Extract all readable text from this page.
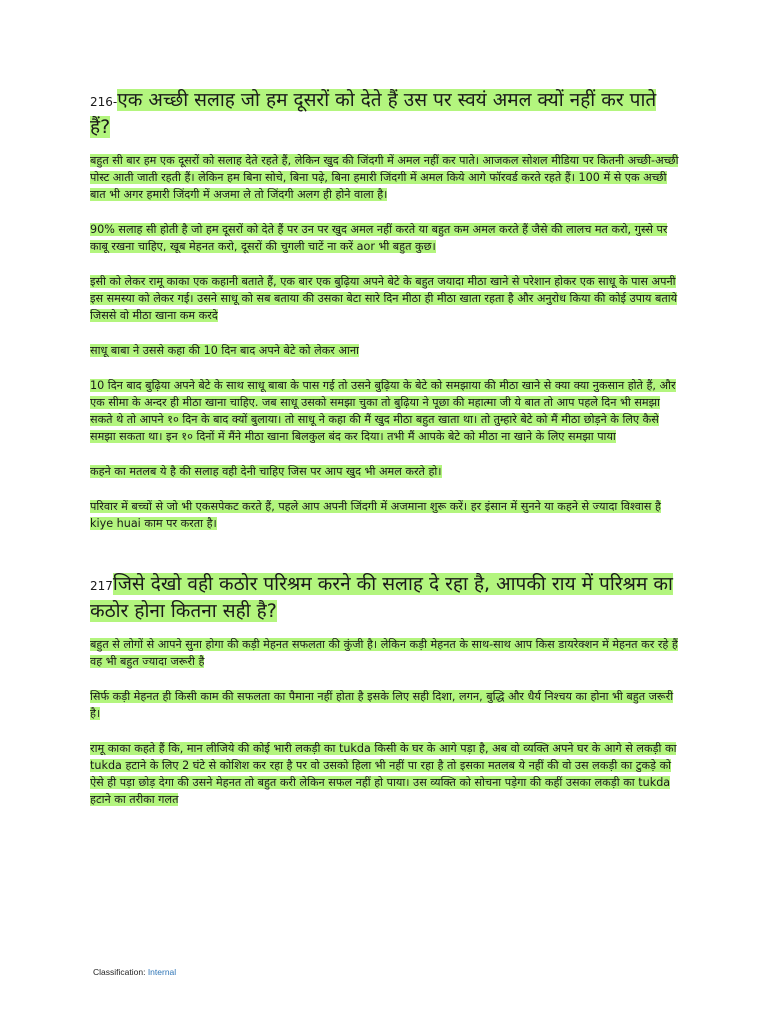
216-एक अच्छी सलाह जो हम दूसरों को देते हैं उस पर स्वयं अमल क्यों नहीं कर पाते हैं?

बहुत सी बार हम एक दूसरों को सलाह देते रहते हैं, लेकिन खुद की जिंदगी में अमल नहीं कर पाते। आजकल सोशल मीडिया पर कितनी अच्छी-अच्छी पोस्ट आती जाती रहती हैं। लेकिन हम बिना सोचे, बिना पढ़े, बिना हमारी जिंदगी में अमल किये आगे फॉरवर्ड करते रहते हैं। 100 में से एक अच्छी बात भी अगर हमारी जिंदगी में अजमा ले तो जिंदगी अलग ही होने वाला है।

90% सलाह सी होती है जो हम दूसरों को देते हैं पर उन पर खुद अमल नहीं करते या बहुत कम अमल करते हैं जैसे की लालच मत करो, गुस्से पर काबू रखना चाहिए, खूब मेहनत करो, दूसरों की चुगली चाटें ना करें aor भी बहुत कुछ।

इसी को लेकर रामू काका एक कहानी बताते हैं, एक बार एक बुढ़िया अपने बेटे के बहुत जयादा मीठा खाने से परेशान होकर एक साधू के पास अपनी इस समस्या को लेकर गई। उसने साधू को सब बताया की उसका बेटा सारे दिन मीठा ही मीठा खाता रहता है और अनुरोध किया की कोई उपाय बताये जिससे वो मीठा खाना कम करदे

साधू बाबा ने उससे कहा की 10 दिन बाद अपने बेटे को लेकर आना

10 दिन बाद बुढ़िया अपने बेटे के साथ साधू बाबा के पास गई तो उसने बुढ़िया के बेटे को समझाया की मीठा खाने से क्या क्या नुकसान होते हैं, और एक सीमा के अन्दर ही मीठा खाना चाहिए. जब साधू उसको समझा चुका तो बुढ़िया ने पूछा की महात्मा जी ये बात तो आप पहले दिन भी समझा सकते थे तो आपने १० दिन के बाद क्यों बुलाया। तो साधू ने कहा की मैं खुद मीठा बहुत खाता था। तो तुम्हारे बेटे को मैं मीठा छोड़ने के लिए कैसे समझा सकता था। इन १० दिनों में मैंने मीठा खाना बिलकुल बंद कर दिया। तभी मैं आपके बेटे को मीठा ना खाने के लिए समझा पाया

कहने का मतलब ये है की सलाह वही देनी चाहिए जिस पर आप खुद भी अमल करते हो।

परिवार में बच्चों से जो भी एकसपेकट करते हैं, पहले आप अपनी जिंदगी में अजमाना शुरू करें। हर इंसान में सुनने या कहने से ज्यादा विश्वास है kiye huai काम पर करता है।

217जिसे देखो वही कठोर परिश्रम करने की सलाह दे रहा है, आपकी राय में परिश्रम का कठोर होना कितना सही है?

बहुत से लोगों से आपने सुना होगा की कड़ी मेहनत सफलता की कुंजी है। लेकिन कड़ी मेहनत के साथ-साथ आप किस डायरेक्शन में मेहनत कर रहे हैं वह भी बहुत ज्यादा जरूरी है

सिर्फ कड़ी मेहनत ही किसी काम की सफलता का पैमाना नहीं होता है इसके लिए सही दिशा, लगन, बुद्धि और धैर्य निश्चय का होना भी बहुत जरूरी है।

रामू काका कहते हैं कि, मान लीजिये की कोई भारी लकड़ी का tukda किसी के घर के आगे पड़ा है, अब वो व्यक्ति अपने घर के आगे से लकड़ी का tukda हटाने के लिए 2 घंटे से कोशिश कर रहा है पर वो उसको हिला भी नहीं पा रहा है तो इसका मतलब ये नहीं की वो उस लकड़ी का टुकड़े को ऐसे ही पड़ा छोड़ देगा की उसने मेहनत तो बहुत करी लेकिन सफल नहीं हो पाया। उस व्यक्ति को सोचना पड़ेगा की कहीं उसका लकड़ी का tukda हटाने का तरीका गलत

Classification: Internal
